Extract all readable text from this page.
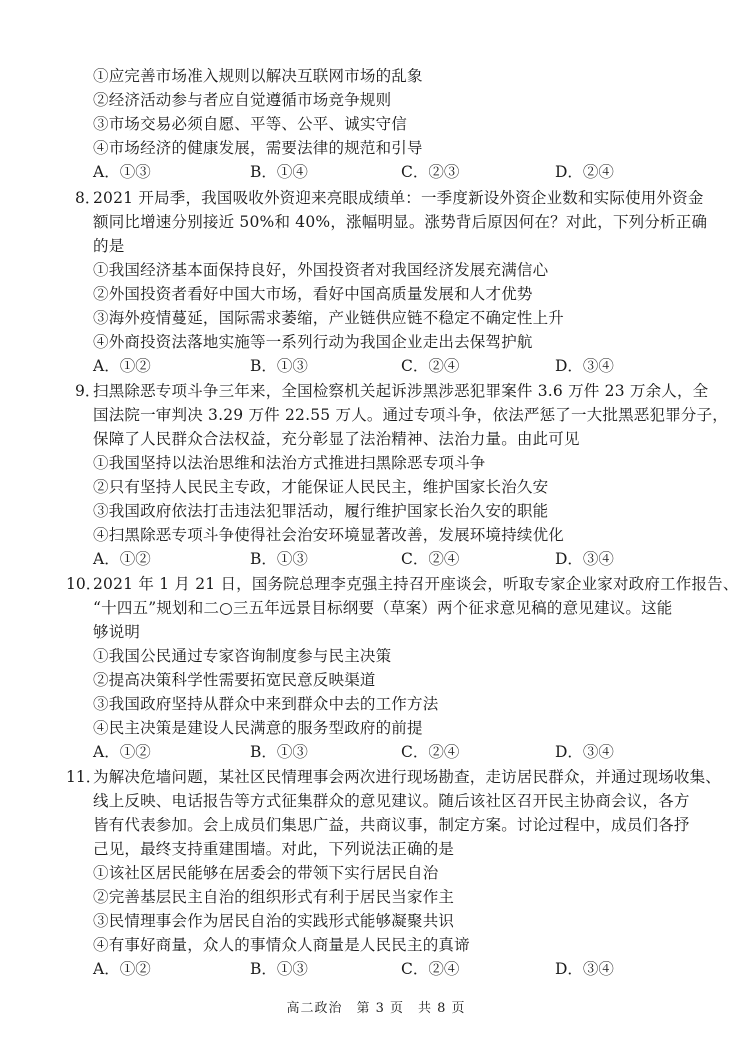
①应完善市场准入规则以解决互联网市场的乱象
②经济活动参与者应自觉遵循市场竞争规则
③市场交易必须自愿、平等、公平、诚实守信
④市场经济的健康发展，需要法律的规范和引导
A．①③	B．①④	C．②③	D．②④
8．
2021 开局季，我国吸收外资迎来亮眼成绩单：一季度新设外资企业数和实际使用外资金
额同比增速分别接近 50%和 40%，涨幅明显。涨势背后原因何在？对此，下列分析正确
的是
①我国经济基本面保持良好，外国投资者对我国经济发展充满信心
②外国投资者看好中国大市场，看好中国高质量发展和人才优势
③海外疫情蔓延，国际需求萎缩，产业链供应链不稳定不确定性上升
④外商投资法落地实施等一系列行动为我国企业走出去保驾护航
A．①②	B．①③	C．②④	D．③④
9．
扫黑除恶专项斗争三年来，全国检察机关起诉涉黑涉恶犯罪案件 3.6 万件 23 万余人，全
国法院一审判决 3.29 万件 22.55 万人。通过专项斗争，依法严惩了一大批黑恶犯罪分子，
保障了人民群众合法权益，充分彰显了法治精神、法治力量。由此可见
①我国坚持以法治思维和法治方式推进扫黑除恶专项斗争
②只有坚持人民民主专政，才能保证人民民主，维护国家长治久安
③我国政府依法打击违法犯罪活动，履行维护国家长治久安的职能
④扫黑除恶专项斗争使得社会治安环境显著改善，发展环境持续优化
A．①②	B．①③	C．②④	D．③④
10．
2021 年 1 月 21 日，国务院总理李克强主持召开座谈会，听取专家企业家对政府工作报告、
“十四五”规划和二○三五年远景目标纲要（草案）两个征求意见稿的意见建议。这能
够说明
①我国公民通过专家咨询制度参与民主决策
②提高决策科学性需要拓宽民意反映渠道
③我国政府坚持从群众中来到群众中去的工作方法
④民主决策是建设人民满意的服务型政府的前提
A．①②	B．①③	C．②④	D．③④
11．
为解决危墙问题，某社区民情理事会两次进行现场勘查，走访居民群众，并通过现场收集、
线上反映、电话报告等方式征集群众的意见建议。随后该社区召开民主协商会议，各方
皆有代表参加。会上成员们集思广益，共商议事，制定方案。讨论过程中，成员们各抒
己见，最终支持重建围墙。对此，下列说法正确的是
①该社区居民能够在居委会的带领下实行居民自治
②完善基层民主自治的组织形式有利于居民当家作主
③民情理事会作为居民自治的实践形式能够凝聚共识
④有事好商量，众人的事情众人商量是人民民主的真谛
A．①②	B．①③	C．②④	D．③④
高二政治　第 3 页　共 8 页
